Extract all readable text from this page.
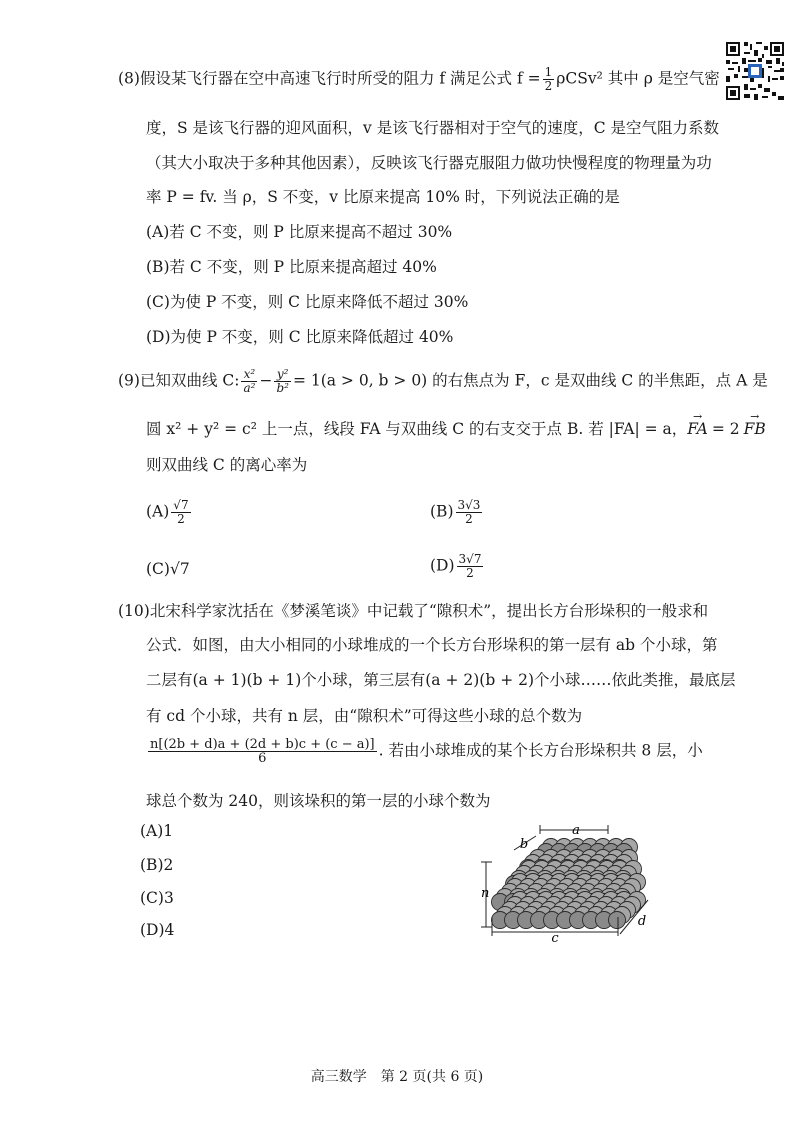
(8)假设某飞行器在空中高速飞行时所受的阻力 f 满足公式 $f = \frac{1}{2} \rho CSv^2$ 其中 ρ 是空气密
度，S 是该飞行器的迎风面积，v 是该飞行器相对于空气的速度，C 是空气阻力系数
（其大小取决于多种其他因素），反映该飞行器克服阻力做功快慢程度的物理量为功
率 P = fv. 当 ρ，S 不变，v 比原来提高 10% 时，下列说法正确的是
(A)若 C 不变，则 P 比原来提高不超过 30%
(B)若 C 不变，则 P 比原来提高超过 40%
(C)为使 P 不变，则 C 比原来降低不超过 30%
(D)为使 P 不变，则 C 比原来降低超过 40%
(9)已知双曲线 C: $\frac{\text{x²}}{\text{a²}} - \frac{\text{y²}}{\text{b²}} = 1(a > 0$, b > 0) 的右焦点为 F，c 是双曲线 C 的半焦距，点 A 是
圆 x² + y² = c² 上一点，线段 FA 与双曲线 C 的右支交于点 B. 若 |FA| = a，→ FA = 2→ FB
则双曲线 C 的离心率为
$(A) \frac{√7}{2}$	$(B) \frac{3√3}{2}$
(C)√7	$(D) \frac{3√7}{2}$
(10)北宋科学家沈括在《梦溪笔谈》中记载了“隙积术”，提出长方台形垛积的一般求和
公式．如图，由大小相同的小球堆成的一个长方台形垛积的第一层有 ab 个小球，第
二层有(a + 1)(b + 1)个小球，第三层有(a + 2)(b + 2)个小球……依此类推，最底层
有 cd 个小球，共有 n 层，由“隙积术”可得这些小球的总个数为
$\frac{n[(2b + d)a + (2d + b)c + (c - a)]}{6}$ . 若由小球堆成的某个长方台形垛积共 8 层，小
球总个数为 240，则该垛积的第一层的小球个数为
(A)1
(B)2
(C)3
(D)4
a
b
n
c
d
高三数学　第 2 页(共 6 页)
